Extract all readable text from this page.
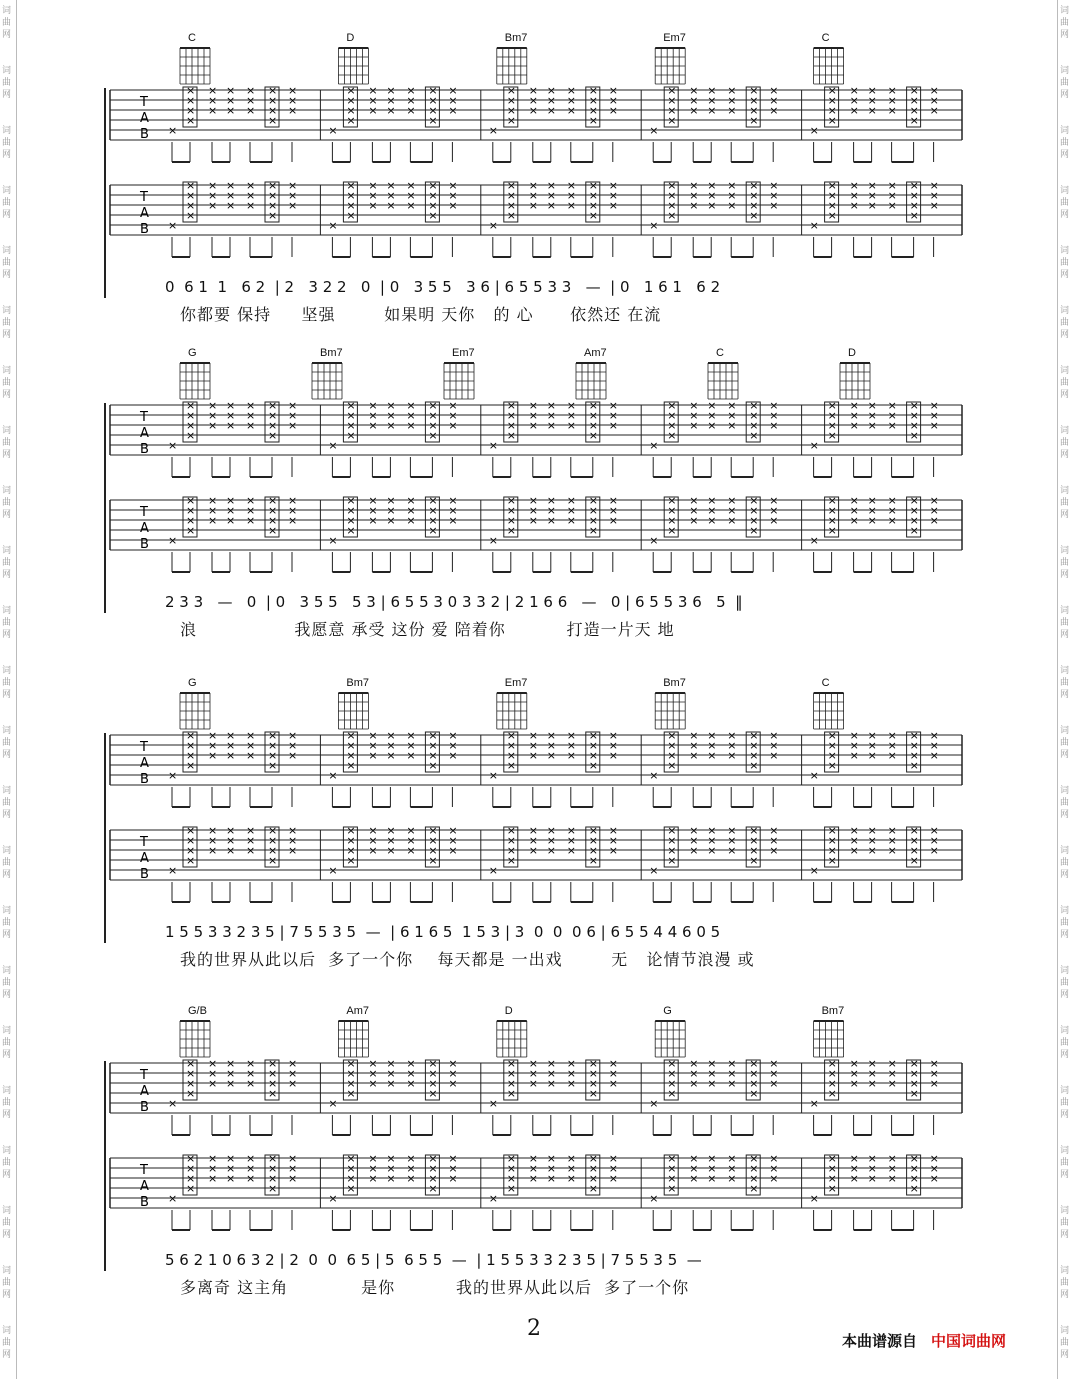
词
曲
网
词
曲
网
词
曲
网
词
曲
网
词
曲
网
词
曲
网
词
曲
网
词
曲
网
词
曲
网
词
曲
网
词
曲
网
词
曲
网
词
曲
网
词
曲
网
词
曲
网
词
曲
网
词
曲
网
词
曲
网
词
曲
网
词
曲
网
词
曲
网
词
曲
网
词
曲
网
词
曲
网
词
曲
网
词
曲
网
词
曲
网
词
曲
网
词
曲
网
词
曲
网
词
曲
网
词
曲
网
词
曲
网
词
曲
网
词
曲
网
词
曲
网
词
曲
网
词
曲
网
词
曲
网
词
曲
网
词
曲
网
词
曲
网
词
曲
网
词
曲
网
词
曲
网
词
曲
网
T
A
B ×
×
×
×
×
×
×
×
×
×
×
×
×
×
×
×
×
×
×
×
×
×
×
×
×
×
×
×
×
×
×
×
×
×
×
×
×
×
×
×
×
×
×
×
×
×
×
×
×
×
×
×
×
×
×
×
×
×
×
×
×
×
×
×
×
×
×
×
×
×
×
×
×
×
×
×
×
×
×
×
×
×
×
×
×
×
×
×
×
×
×
×
×
×
×
×
×
×
×
×
×
×
×
×
×
T
A
B ×
×
×
×
×
×
×
×
×
×
×
×
×
×
×
×
×
×
×
×
×
×
×
×
×
×
×
×
×
×
×
×
×
×
×
×
×
×
×
×
×
×
×
×
×
×
×
×
×
×
×
×
×
×
×
×
×
×
×
×
×
×
×
×
×
×
×
×
×
×
×
×
×
×
×
×
×
×
×
×
×
×
×
×
×
×
×
×
×
×
×
×
×
×
×
×
×
×
×
×
×
×
×
×
×
T
A
B ×
×
×
×
×
×
×
×
×
×
×
×
×
×
×
×
×
×
×
×
×
×
×
×
×
×
×
×
×
×
×
×
×
×
×
×
×
×
×
×
×
×
×
×
×
×
×
×
×
×
×
×
×
×
×
×
×
×
×
×
×
×
×
×
×
×
×
×
×
×
×
×
×
×
×
×
×
×
×
×
×
×
×
×
×
×
×
×
×
×
×
×
×
×
×
×
×
×
×
×
×
×
×
×
×
T
A
B ×
×
×
×
×
×
×
×
×
×
×
×
×
×
×
×
×
×
×
×
×
×
×
×
×
×
×
×
×
×
×
×
×
×
×
×
×
×
×
×
×
×
×
×
×
×
×
×
×
×
×
×
×
×
×
×
×
×
×
×
×
×
×
×
×
×
×
×
×
×
×
×
×
×
×
×
×
×
×
×
×
×
×
×
×
×
×
×
×
×
×
×
×
×
×
×
×
×
×
×
×
×
×
×
×
T
A
B ×
×
×
×
×
×
×
×
×
×
×
×
×
×
×
×
×
×
×
×
×
×
×
×
×
×
×
×
×
×
×
×
×
×
×
×
×
×
×
×
×
×
×
×
×
×
×
×
×
×
×
×
×
×
×
×
×
×
×
×
×
×
×
×
×
×
×
×
×
×
×
×
×
×
×
×
×
×
×
×
×
×
×
×
×
×
×
×
×
×
×
×
×
×
×
×
×
×
×
×
×
×
×
×
×
T
A
B ×
×
×
×
×
×
×
×
×
×
×
×
×
×
×
×
×
×
×
×
×
×
×
×
×
×
×
×
×
×
×
×
×
×
×
×
×
×
×
×
×
×
×
×
×
×
×
×
×
×
×
×
×
×
×
×
×
×
×
×
×
×
×
×
×
×
×
×
×
×
×
×
×
×
×
×
×
×
×
×
×
×
×
×
×
×
×
×
×
×
×
×
×
×
×
×
×
×
×
×
×
×
×
×
×
T
A
B ×
×
×
×
×
×
×
×
×
×
×
×
×
×
×
×
×
×
×
×
×
×
×
×
×
×
×
×
×
×
×
×
×
×
×
×
×
×
×
×
×
×
×
×
×
×
×
×
×
×
×
×
×
×
×
×
×
×
×
×
×
×
×
×
×
×
×
×
×
×
×
×
×
×
×
×
×
×
×
×
×
×
×
×
×
×
×
×
×
×
×
×
×
×
×
×
×
×
×
×
×
×
×
×
×
T
A
B ×
×
×
×
×
×
×
×
×
×
×
×
×
×
×
×
×
×
×
×
×
×
×
×
×
×
×
×
×
×
×
×
×
×
×
×
×
×
×
×
×
×
×
×
×
×
×
×
×
×
×
×
×
×
×
×
×
×
×
×
×
×
×
×
×
×
×
×
×
×
×
×
×
×
×
×
×
×
×
×
×
×
×
×
×
×
×
×
×
×
×
×
×
×
×
×
×
×
×
×
×
×
×
×
×
C	D	Bm7	Em7	C
0  6 1  1   6 2  | 2   3 2 2   0  | 0   3 5 5   3 6 | 6 5 5 3 3   —  | 0   1 6 1   6 2
你都要 保持     坚强        如果明 天你   的 心      依然还 在流
G	Bm7	Em7	Am7	C	D
2 3 3   —   0  | 0   3 5 5   5 3 | 6 5 5 3 0 3 3 2 | 2 1 6 6   —   0 | 6 5 5 3 6   5  ‖
浪                我愿意 承受 这份 爱 陪着你          打造一片天 地
G	Bm7	Em7	Bm7	C
1 5 5 3 3 2 3 5 | 7 5 5 3 5  —  | 6 1 6 5  1 5 3 | 3  0  0  0 6 | 6 5 5 4 4 6 0 5
我的世界从此以后  多了一个你    每天都是 一出戏        无   论情节浪漫 或
G/B	Am7	D	G	Bm7
5 6 2 1 0 6 3 2 | 2  0  0  6 5 | 5  6 5 5  —  | 1 5 5 3 3 2 3 5 | 7 5 5 3 5  —
多离奇 这主角            是你          我的世界从此以后  多了一个你
2	本曲谱源自 中国词曲网
